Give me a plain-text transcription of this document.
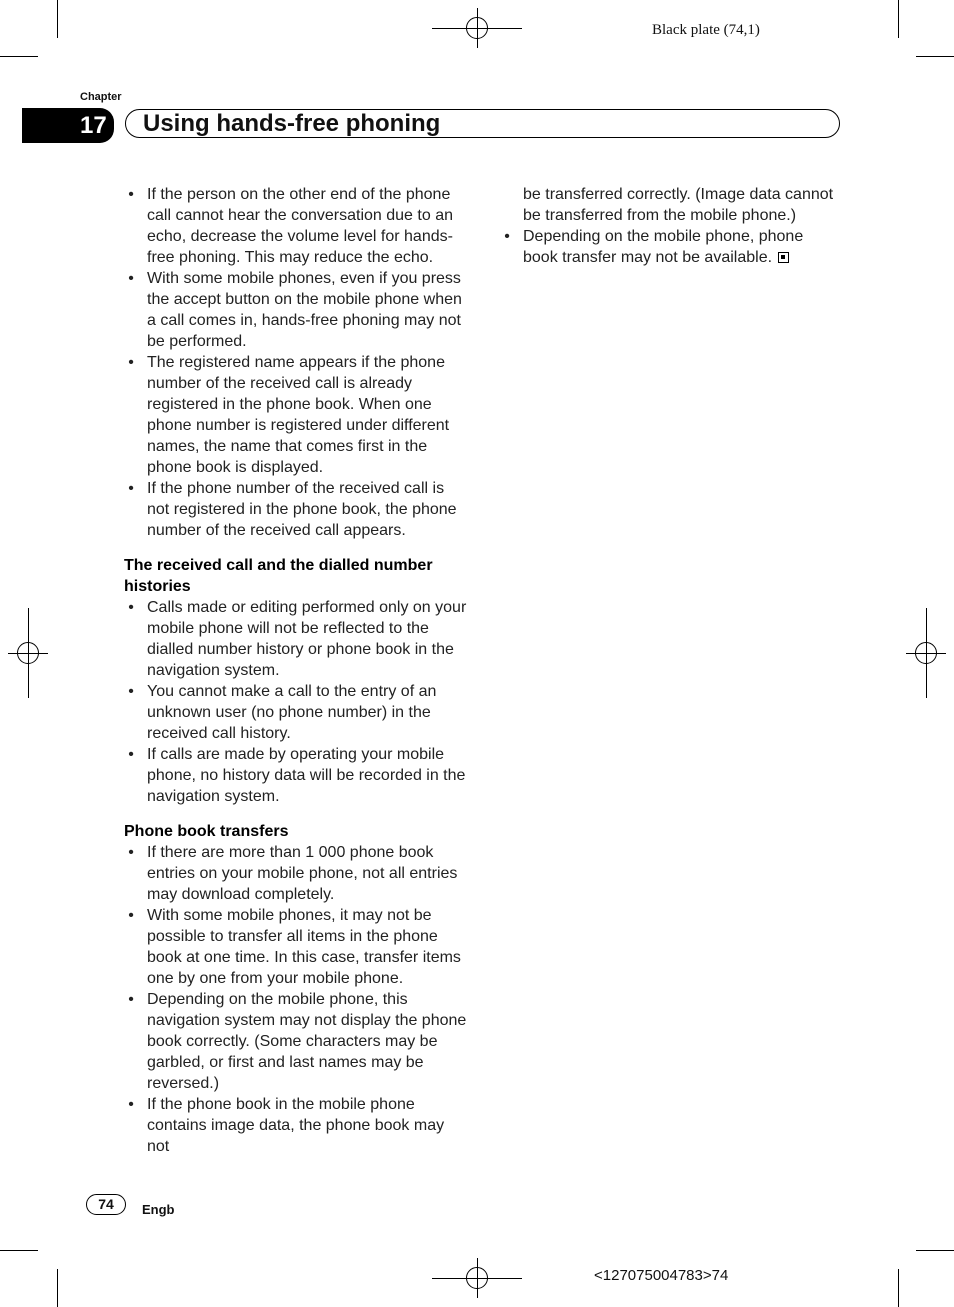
Black plate (74,1)
Chapter
17	Using hands-free phoning
• If the person on the other end of the phone call cannot hear the conversation due to an echo, decrease the volume level for hands-free phoning. This may reduce the echo.
• With some mobile phones, even if you press the accept button on the mobile phone when a call comes in, hands-free phoning may not be performed.
• The registered name appears if the phone number of the received call is already registered in the phone book. When one phone number is registered under different names, the name that comes first in the phone book is displayed.
• If the phone number of the received call is not registered in the phone book, the phone number of the received call appears.
The received call and the dialled number histories
• Calls made or editing performed only on your mobile phone will not be reflected to the dialled number history or phone book in the navigation system.
• You cannot make a call to the entry of an unknown user (no phone number) in the received call history.
• If calls are made by operating your mobile phone, no history data will be recorded in the navigation system.
Phone book transfers
• If there are more than 1 000 phone book entries on your mobile phone, not all entries may download completely.
• With some mobile phones, it may not be possible to transfer all items in the phone book at one time. In this case, transfer items one by one from your mobile phone.
• Depending on the mobile phone, this navigation system may not display the phone book correctly. (Some characters may be garbled, or first and last names may be reversed.)
• If the phone book in the mobile phone contains image data, the phone book may not
be transferred correctly. (Image data cannot be transferred from the mobile phone.)
• Depending on the mobile phone, phone book transfer may not be available.
74	Engb
<127075004783>74
